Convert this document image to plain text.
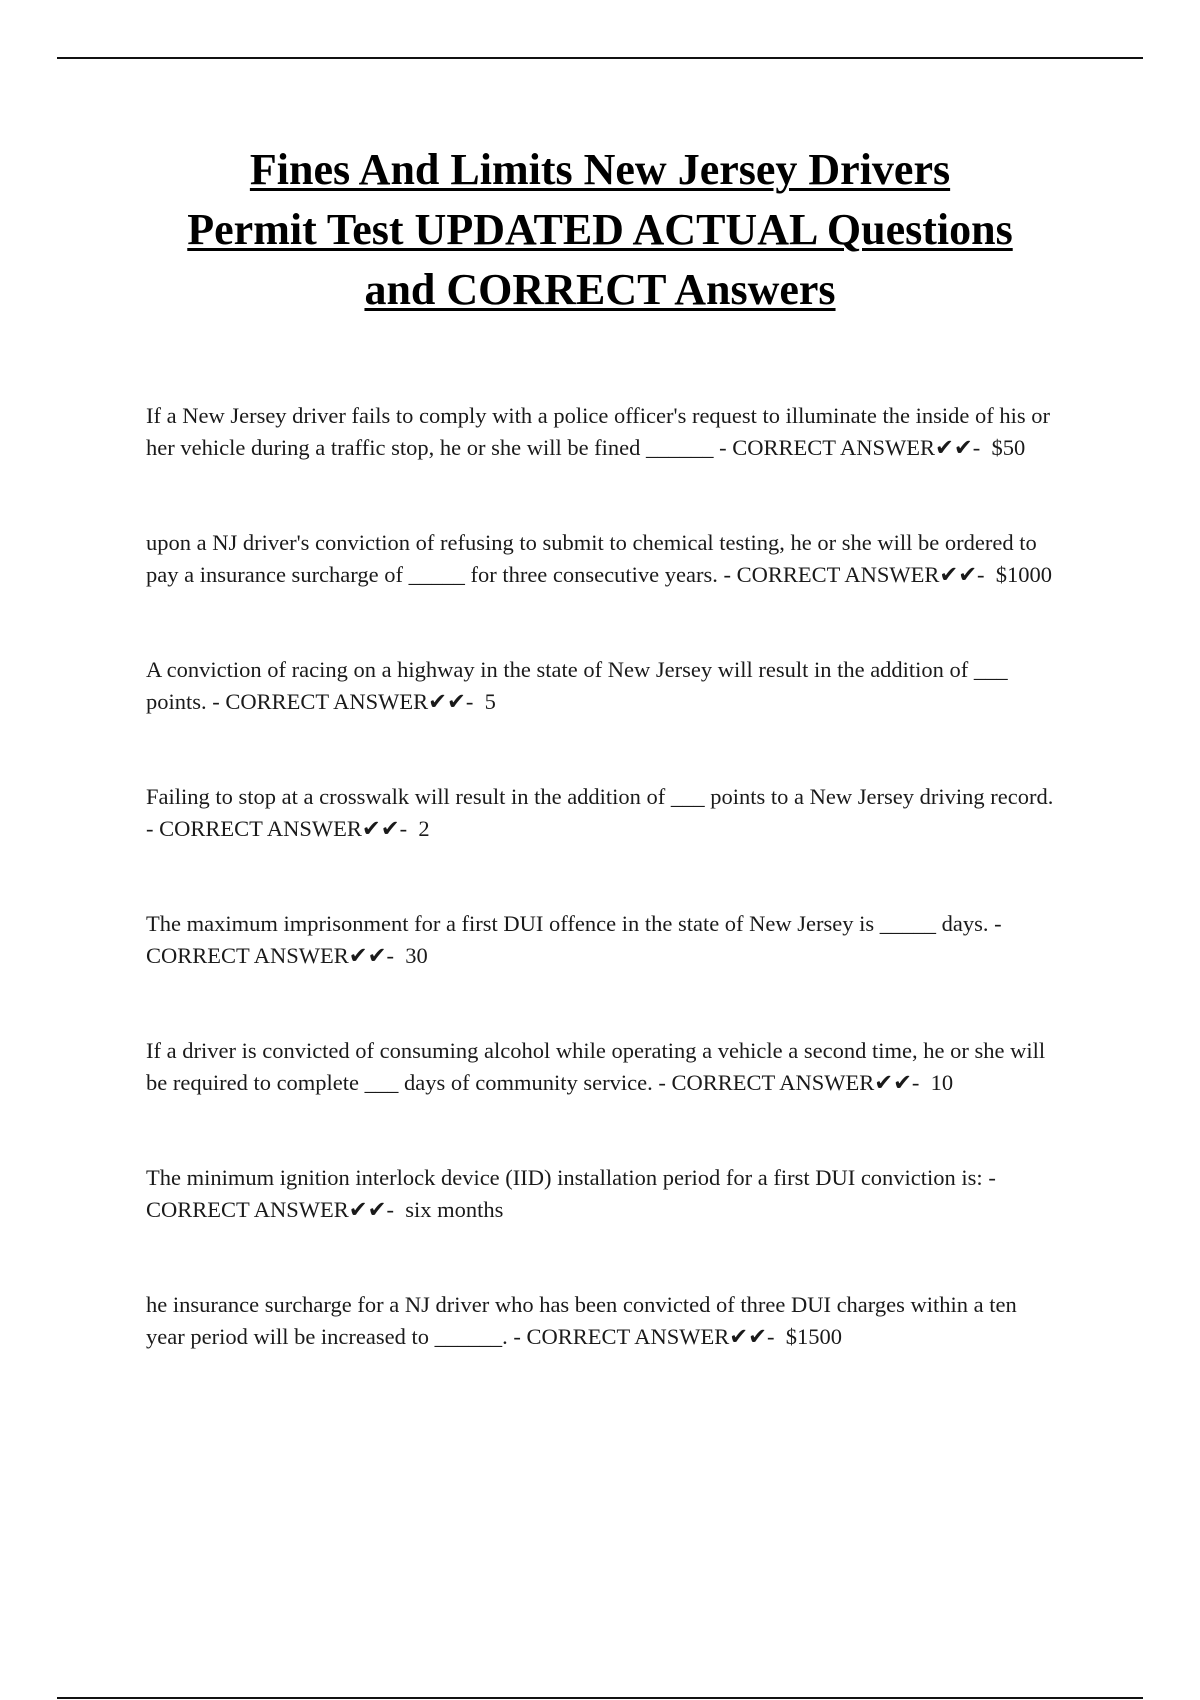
Fines And Limits New Jersey Drivers
Permit Test UPDATED ACTUAL Questions
and CORRECT Answers

If a New Jersey driver fails to comply with a police officer's request to illuminate the inside of his or her vehicle during a traffic stop, he or she will be fined ______ - CORRECT ANSWER✔✔- $50

upon a NJ driver's conviction of refusing to submit to chemical testing, he or she will be ordered to pay a insurance surcharge of _____ for three consecutive years. - CORRECT ANSWER✔✔- $1000

A conviction of racing on a highway in the state of New Jersey will result in the addition of ___ points. - CORRECT ANSWER✔✔- 5

Failing to stop at a crosswalk will result in the addition of ___ points to a New Jersey driving record. - CORRECT ANSWER✔✔- 2

The maximum imprisonment for a first DUI offence in the state of New Jersey is _____ days. - CORRECT ANSWER✔✔- 30

If a driver is convicted of consuming alcohol while operating a vehicle a second time, he or she will be required to complete ___ days of community service. - CORRECT ANSWER✔✔- 10

The minimum ignition interlock device (IID) installation period for a first DUI conviction is: - CORRECT ANSWER✔✔- six months

he insurance surcharge for a NJ driver who has been convicted of three DUI charges within a ten year period will be increased to ______. - CORRECT ANSWER✔✔- $1500
